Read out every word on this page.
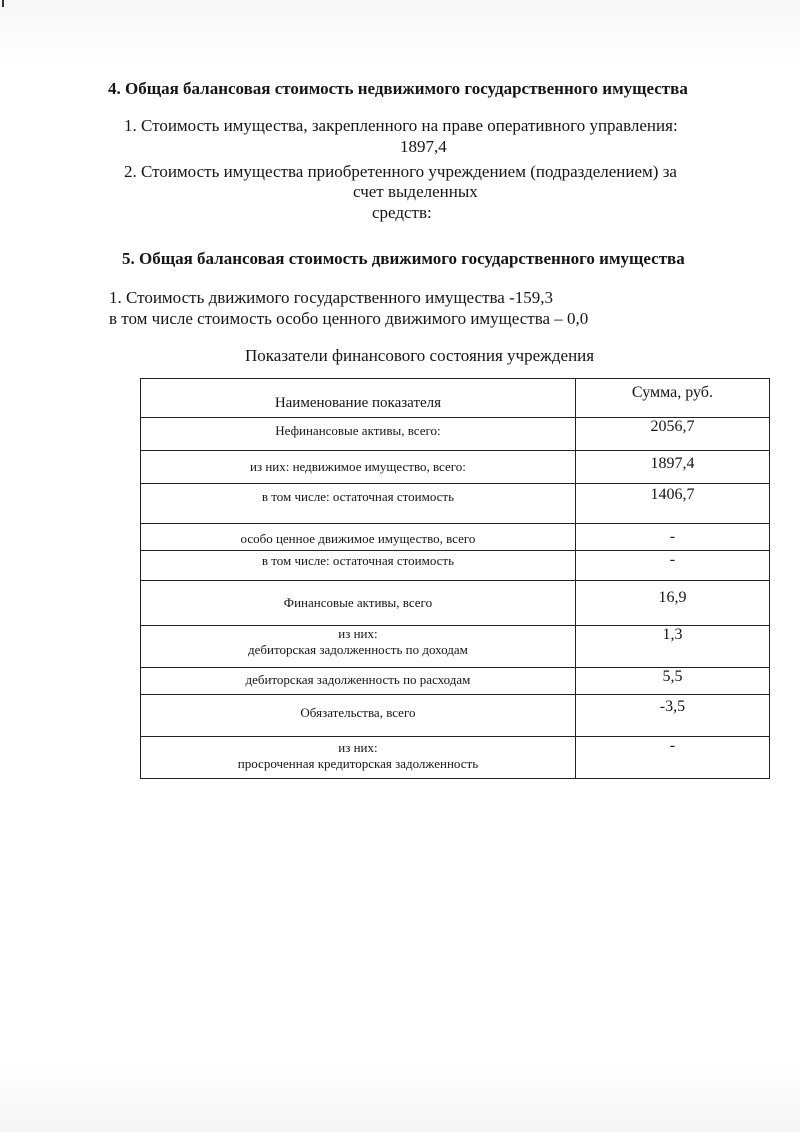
4. Общая балансовая стоимость недвижимого государственного имущества
1. Стоимость имущества, закрепленного на праве оперативного управления:
1897,4
2. Стоимость имущества приобретенного учреждением (подразделением) за
счет выделенных
средств:
5. Общая балансовая стоимость движимого государственного имущества
1. Стоимость движимого государственного имущества -159,3
в том числе стоимость особо ценного движимого имущества – 0,0
Показатели финансового состояния учреждения
Наименование показателя	Сумма, руб.

Нефинансовые активы, всего:	2056,7

из них: недвижимое имущество, всего:	1897,4

в том числе: остаточная стоимость	1406,7

особо ценное движимое имущество, всего	-

в том числе: остаточная стоимость	-

Финансовые активы, всего	16,9

из них:
дебиторская задолженность по доходам	1,3

дебиторская задолженность по расходам	5,5

Обязательства, всего	-3,5

из них:
просроченная кредиторская задолженность	-
